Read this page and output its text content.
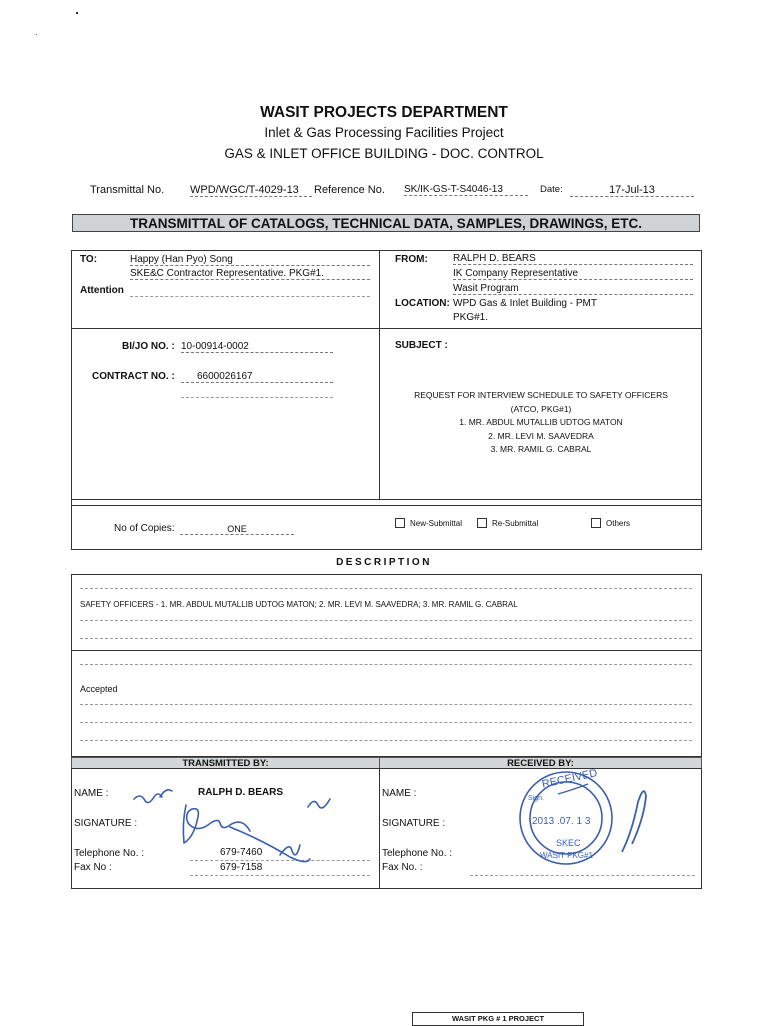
WASIT PROJECTS DEPARTMENT
Inlet & Gas Processing Facilities Project
GAS & INLET OFFICE BUILDING - DOC. CONTROL
Transmittal No. WPD/WGC/T-4029-13	Reference No. SK/IK-GS-T-S4046-13	Date:	17-Jul-13
TRANSMITTAL OF CATALOGS, TECHNICAL DATA, SAMPLES, DRAWINGS, ETC.
TO:	Happy (Han Pyo) Song
SKE&C Contractor Representative. PKG#1.
Attention
FROM:	RALPH D. BEARS
IK Company Representative
Wasit Program
LOCATION: WPD Gas & Inlet Building - PMT
PKG#1.
BI/JO NO. : 10-00914-0002
CONTRACT NO. :	6600026167
SUBJECT :
REQUEST FOR INTERVIEW SCHEDULE TO SAFETY OFFICERS
(ATCO, PKG#1)
1. MR. ABDUL MUTALLIB UDTOG MATON
2. MR. LEVI M. SAAVEDRA
3. MR. RAMIL G. CABRAL
No of Copies:	ONE
New-Submittal	Re-Submittal	Others
DESCRIPTION
SAFETY OFFICERS - 1. MR. ABDUL MUTALLIB UDTOG MATON; 2. MR. LEVI M. SAAVEDRA; 3. MR. RAMIL G. CABRAL
Accepted
TRANSMITTED BY:	RECEIVED BY:
NAME :	RALPH D. BEARS
SIGNATURE :
Telephone No. :	679-7460
Fax No :	679-7158
NAME :
SIGNATURE :
Telephone No. :
Fax No. :
RECEIVED
Sign.
2013 .07. 1 3
SKEC
WASIT PKG#1
WASIT PKG # 1 PROJECT
